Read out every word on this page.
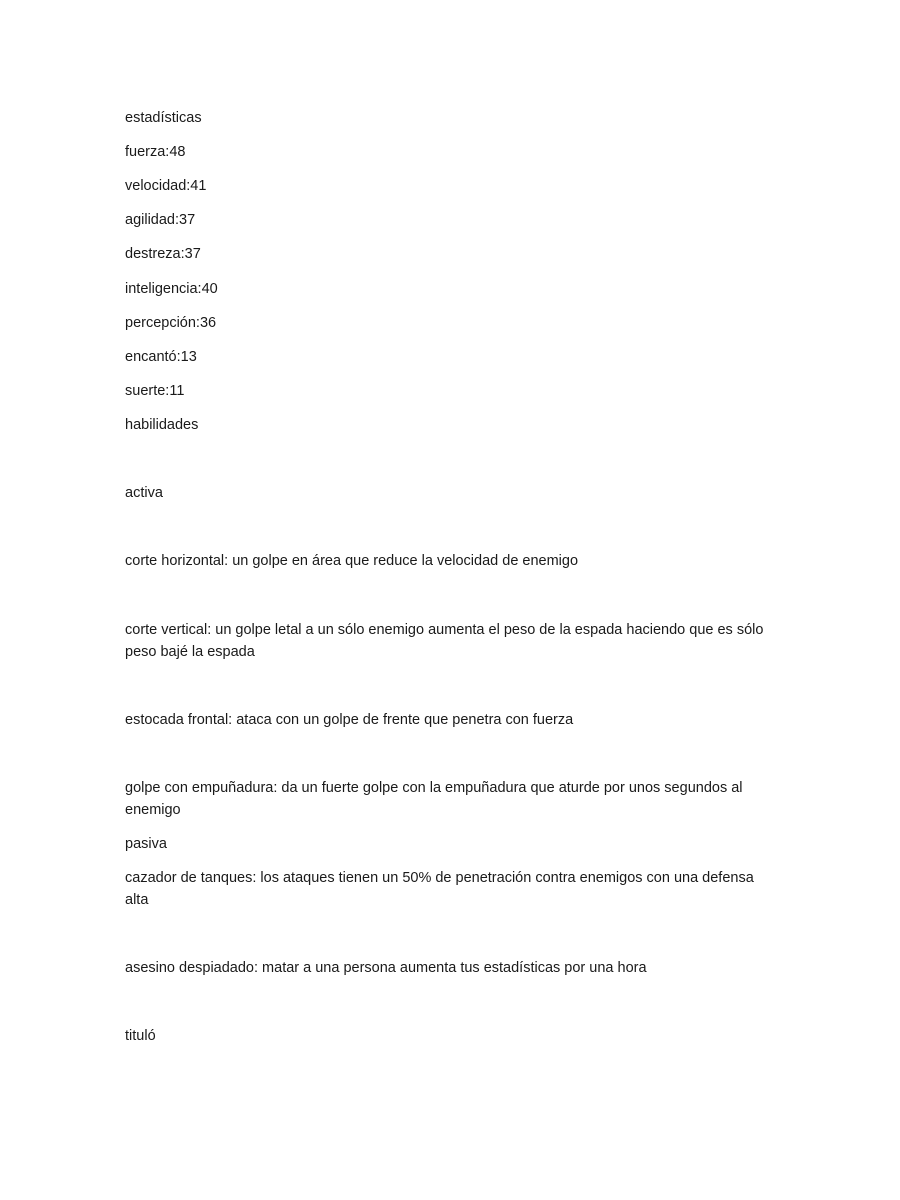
estadísticas

fuerza:48

velocidad:41

agilidad:37

destreza:37

inteligencia:40

percepción:36

encantó:13

suerte:11

habilidades

activa

corte horizontal: un golpe en área que reduce la velocidad de enemigo

corte vertical: un golpe letal a un sólo enemigo aumenta el peso de la espada haciendo que es sólo peso bajé la espada

estocada frontal: ataca con un golpe de frente que penetra con fuerza

golpe con empuñadura: da un fuerte golpe con la empuñadura que aturde por unos segundos al enemigo

pasiva

cazador de tanques: los ataques tienen un 50% de penetración contra enemigos con una defensa alta

asesino despiadado: matar a una persona aumenta tus estadísticas por una hora

tituló
